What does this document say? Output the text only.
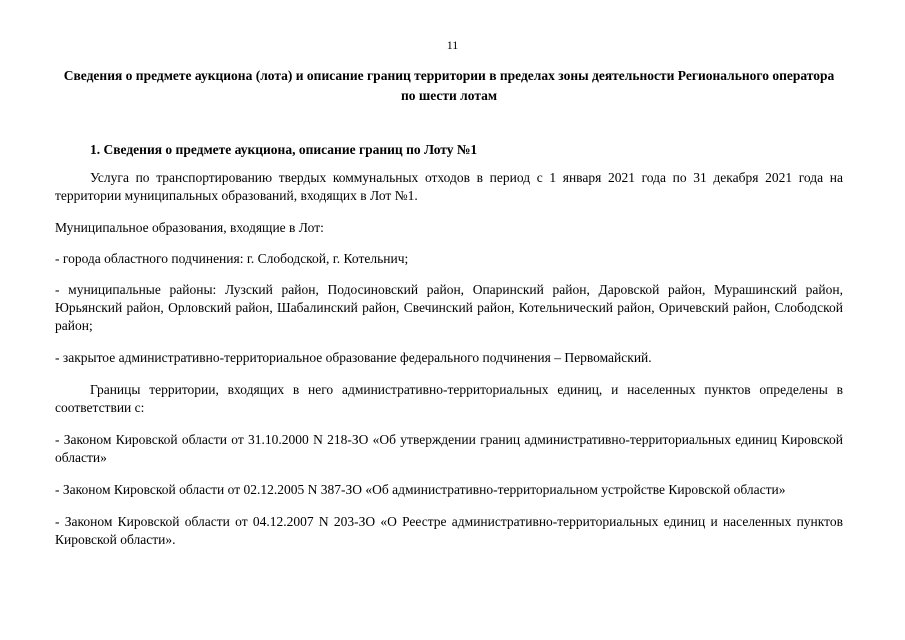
11

Сведения о предмете аукциона (лота) и описание границ территории в пределах зоны деятельности Регионального оператора по шести лотам

1. Сведения о предмете аукциона, описание границ по Лоту №1

Услуга по транспортированию твердых коммунальных отходов в период с 1 января 2021 года по 31 декабря 2021 года на территории муниципальных образований, входящих в Лот №1.

Муниципальное образования, входящие в Лот:

- города областного подчинения: г. Слободской, г. Котельнич;

- муниципальные районы: Лузский район, Подосиновский район, Опаринский район, Даровской район, Мурашинский район, Юрьянский район, Орловский район, Шабалинский район, Свечинский район, Котельнический район, Оричевский район, Слободской район;

- закрытое административно-территориальное образование федерального подчинения – Первомайский.

Границы территории, входящих в него административно-территориальных единиц, и населенных пунктов определены в соответствии с:

- Законом Кировской области от 31.10.2000 N 218-ЗО «Об утверждении границ административно-территориальных единиц Кировской области»

- Законом Кировской области от 02.12.2005 N 387-ЗО «Об административно-территориальном устройстве Кировской области»

- Законом Кировской области от 04.12.2007 N 203-ЗО «О Реестре административно-территориальных единиц и населенных пунктов Кировской области».
